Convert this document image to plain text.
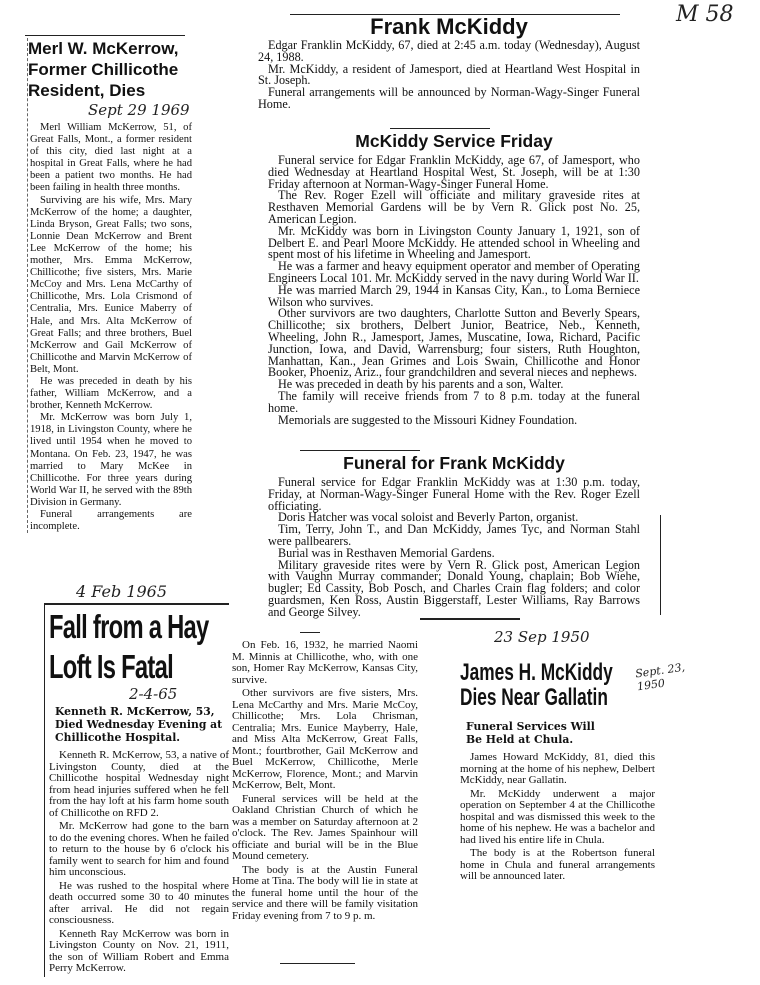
M 58
Merl W. McKerrow, Former Chillicothe Resident, Dies
Sept 29 1969

Merl William McKerrow, 51, of Great Falls, Mont., a former resident of this city, died last night at a hospital in Great Falls, where he had been a patient two months. He had been failing in health three months.

Surviving are his wife, Mrs. Mary McKerrow of the home; a daughter, Linda Bryson, Great Falls; two sons, Lonnie Dean McKerrow and Brent Lee McKerrow of the home; his mother, Mrs. Emma McKerrow, Chillicothe; five sisters, Mrs. Marie McCoy and Mrs. Lena McCarthy of Chillicothe, Mrs. Lola Crismond of Centralia, Mrs. Eunice Maberry of Hale, and Mrs. Alta McKerrow of Great Falls; and three brothers, Buel McKerrow and Gail McKerrow of Chillicothe and Marvin McKerrow of Belt, Mont.

He was preceded in death by his father, William McKerrow, and a brother, Kenneth McKerrow.

Mr. McKerrow was born July 1, 1918, in Livingston County, where he lived until 1954 when he moved to Montana. On Feb. 23, 1947, he was married to Mary McKee in Chillicothe. For three years during World War II, he served with the 89th Division in Germany.

Funeral arrangements are incomplete.

Frank McKiddy

Edgar Franklin McKiddy, 67, died at 2:45 a.m. today (Wednesday), August 24, 1988.

Mr. McKiddy, a resident of Jamesport, died at Heartland West Hospital in St. Joseph.

Funeral arrangements will be announced by Norman-Wagy-Singer Funeral Home.

McKiddy Service Friday

Funeral service for Edgar Franklin McKiddy, age 67, of Jamesport, who died Wednesday at Heartland Hospital West, St. Joseph, will be at 1:30 Friday afternoon at Norman-Wagy-Singer Funeral Home.

The Rev. Roger Ezell will officiate and military graveside rites at Resthaven Memorial Gardens will be by Vern R. Glick post No. 25, American Legion.

Mr. McKiddy was born in Livingston County January 1, 1921, son of Delbert E. and Pearl Moore McKiddy. He attended school in Wheeling and spent most of his lifetime in Wheeling and Jamesport.

He was a farmer and heavy equipment operator and member of Operating Engineers Local 101. Mr. McKiddy served in the navy during World War II.

He was married March 29, 1944 in Kansas City, Kan., to Loma Berniece Wilson who survives.

Other survivors are two daughters, Charlotte Sutton and Beverly Spears, Chillicothe; six brothers, Delbert Junior, Beatrice, Neb., Kenneth, Wheeling, John R., Jamesport, James, Muscatine, Iowa, Richard, Pacific Junction, Iowa, and David, Warrensburg; four sisters, Ruth Houghton, Manhattan, Kan., Jean Grimes and Lois Swain, Chillicothe and Honor Booker, Phoeniz, Ariz., four grandchildren and several nieces and nephews.

He was preceded in death by his parents and a son, Walter.

The family will receive friends from 7 to 8 p.m. today at the funeral home.

Memorials are suggested to the Missouri Kidney Foundation.

Funeral for Frank McKiddy

Funeral service for Edgar Franklin McKiddy was at 1:30 p.m. today, Friday, at Norman-Wagy-Singer Funeral Home with the Rev. Roger Ezell officiating.

Doris Hatcher was vocal soloist and Beverly Parton, organist.

Tim, Terry, John T., and Dan McKiddy, James Tyc, and Norman Stahl were pallbearers.

Burial was in Resthaven Memorial Gardens.

Military graveside rites were by Vern R. Glick post, American Legion with Vaughn Murray commander; Donald Young, chaplain; Bob Wiehe, bugler; Ed Cassity, Bob Posch, and Charles Crain flag folders; and color guardsmen, Ken Ross, Austin Biggerstaff, Lester Williams, Ray Barrows and George Silvey.

4 Feb 1965
Fall from a Hay
Loft Is Fatal
2-4-65
Kenneth R. McKerrow, 53, Died Wednesday Evening at Chillicothe Hospital.

Kenneth R. McKerrow, 53, a native of Livingston County, died at the Chillicothe hospital Wednesday night from head injuries suffered when he fell from the hay loft at his farm home south of Chillicothe on RFD 2.

Mr. McKerrow had gone to the barn to do the evening chores. When he failed to return to the house by 6 o'clock his family went to search for him and found him unconscious.

He was rushed to the hospital where death occurred some 30 to 40 minutes after arrival. He did not regain consciousness.

Kenneth Ray McKerrow was born in Livingston County on Nov. 21, 1911, the son of William Robert and Emma Perry McKerrow.

On Feb. 16, 1932, he married Naomi M. Minnis at Chillicothe, who, with one son, Homer Ray McKerrow, Kansas City, survive.

Other survivors are five sisters, Mrs. Lena McCarthy and Mrs. Marie McCoy, Chillicothe; Mrs. Lola Chrisman, Centralia; Mrs. Eunice Mayberry, Hale, and Miss Alta McKerrow, Great Falls, Mont.; fourtbrother, Gail McKerrow and Buel McKerrow, Chillicothe, Merle McKerrow, Florence, Mont.; and Marvin McKerrow, Belt, Mont.

Funeral services will be held at the Oakland Christian Church of which he was a member on Saturday afternoon at 2 o'clock. The Rev. James Spainhour will officiate and burial will be in the Blue Mound cemetery.

The body is at the Austin Funeral Home at Tina. The body will lie in state at the funeral home until the hour of the service and there will be family visitation Friday evening from 7 to 9 p. m.

23 Sep 1950
James H. McKiddy
Dies Near Gallatin
Funeral Services Will Be Held at Chula.

James Howard McKiddy, 81, died this morning at the home of his nephew, Delbert McKiddy, near Gallatin.

Mr. McKiddy underwent a major operation on September 4 at the Chillicothe hospital and was dismissed this week to the home of his nephew. He was a bachelor and had lived his entire life in Chula.

The body is at the Robertson funeral home in Chula and funeral arrangements will be announced later.

Sept. 23, 1950
